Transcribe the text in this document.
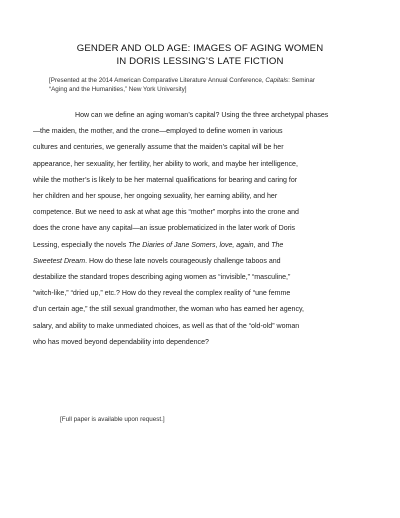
GENDER AND OLD AGE: IMAGES OF AGING WOMEN
IN DORIS LESSING’S LATE FICTION
[Presented at the 2014 American Comparative Literature Annual Conference, Capitals: Seminar
“Aging and the Humanities,” New York University]
How can we define an aging woman’s capital? Using the three archetypal phases
—the maiden, the mother, and the crone—employed to define women in various
cultures and centuries, we generally assume that the maiden’s capital will be her
appearance, her sexuality, her fertility, her ability to work, and maybe her intelligence,
while the mother’s is likely to be her maternal qualifications for bearing and caring for
her children and her spouse, her ongoing sexuality, her earning ability, and her
competence. But we need to ask at what age this “mother” morphs into the crone and
does the crone have any capital—an issue problematicized in the later work of Doris
Lessing, especially the novels The Diaries of Jane Somers, love, again, and The
Sweetest Dream. How do these late novels courageously challenge taboos and
destabilize the standard tropes describing aging women as “invisible,” “masculine,”
“witch-like,” “dried up,” etc.? How do they reveal the complex reality of “une femme
d’un certain age,” the still sexual grandmother, the woman who has earned her agency,
salary, and ability to make unmediated choices, as well as that of the “old-old” woman
who has moved beyond dependability into dependence?
[Full paper is available upon request.]
